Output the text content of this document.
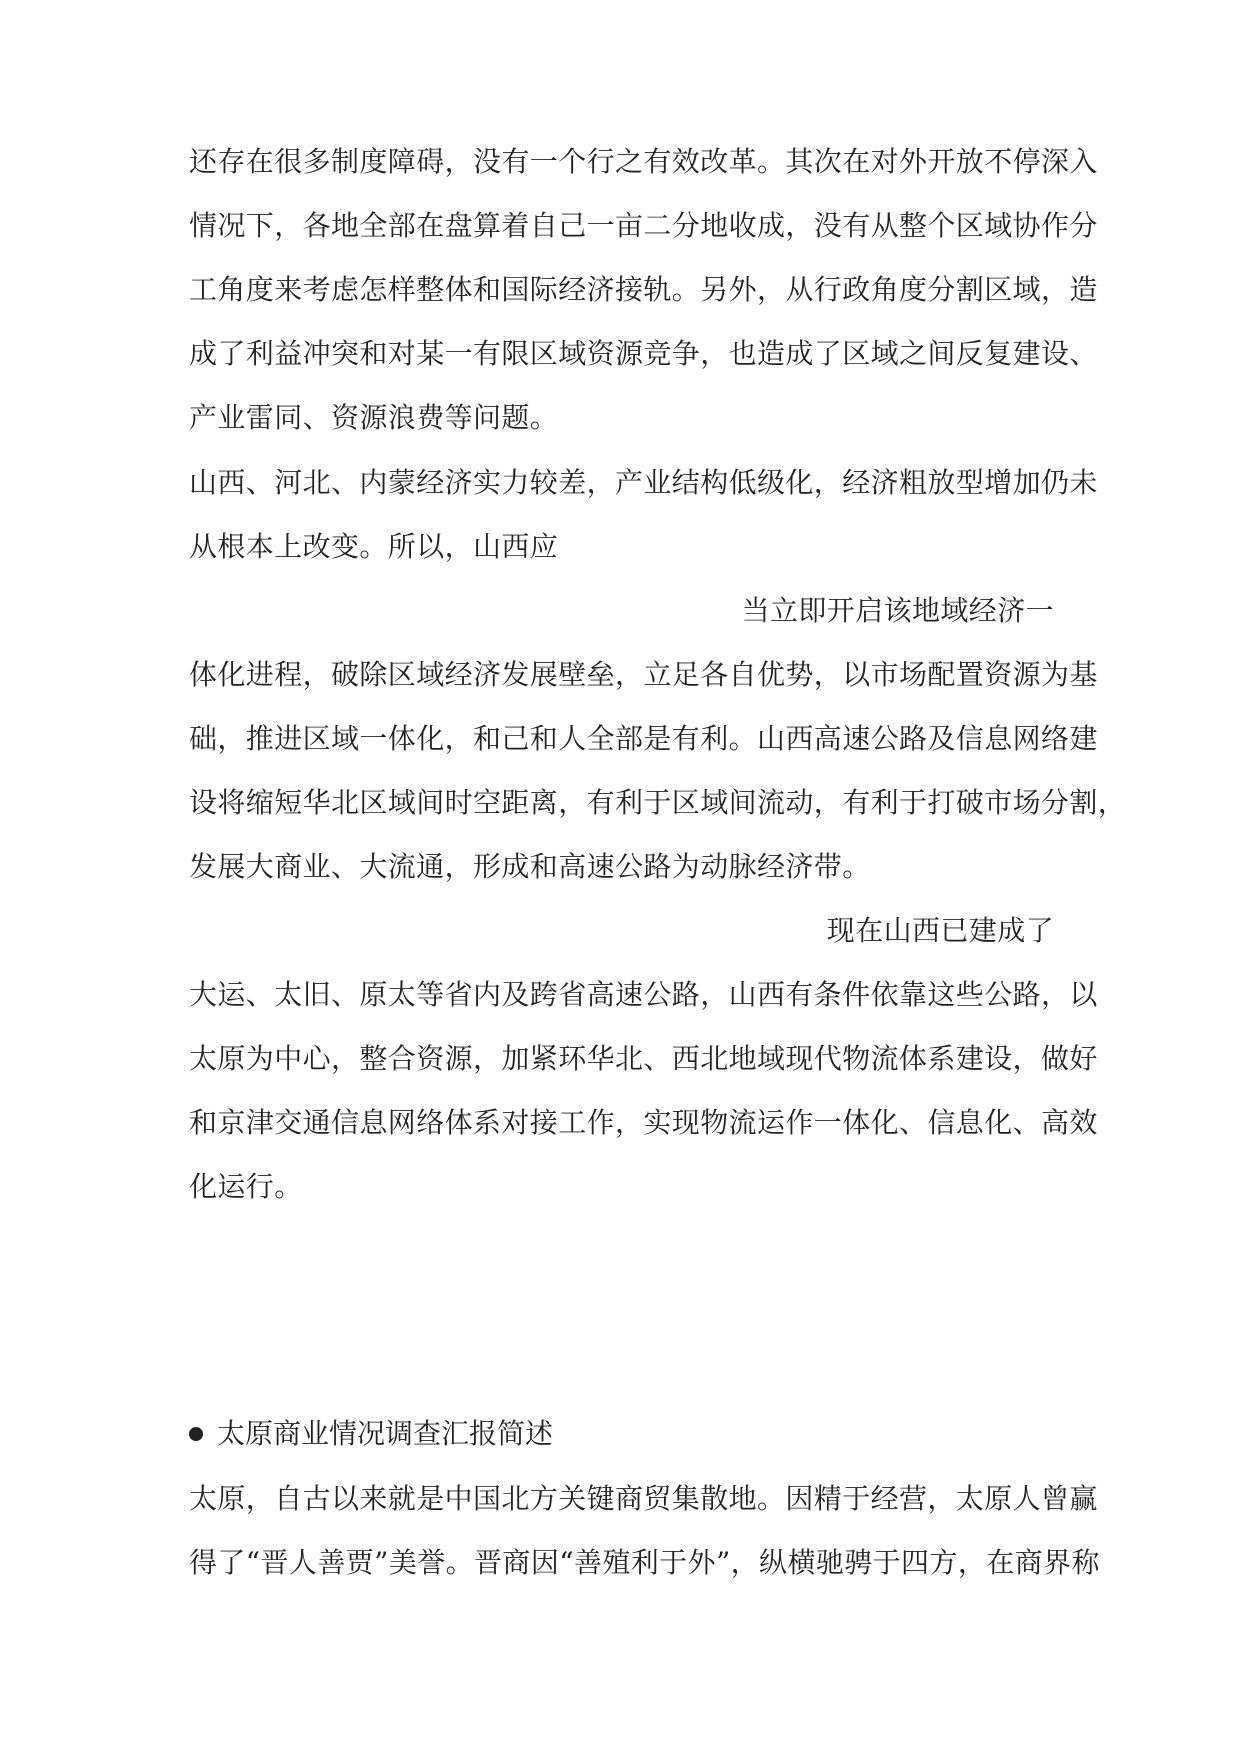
还存在很多制度障碍，没有一个行之有效改革。其次在对外开放不停深入
情况下，各地全部在盘算着自己一亩二分地收成，没有从整个区域协作分
工角度来考虑怎样整体和国际经济接轨。另外，从行政角度分割区域，造
成了利益冲突和对某一有限区域资源竞争，也造成了区域之间反复建设、
产业雷同、资源浪费等问题。
山西、河北、内蒙经济实力较差，产业结构低级化，经济粗放型增加仍未
从根本上改变。所以，山西应
当立即开启该地域经济一
体化进程，破除区域经济发展壁垒，立足各自优势，以市场配置资源为基
础，推进区域一体化，和己和人全部是有利。山西高速公路及信息网络建
设将缩短华北区域间时空距离，有利于区域间流动，有利于打破市场分割，
发展大商业、大流通，形成和高速公路为动脉经济带。
现在山西已建成了
大运、太旧、原太等省内及跨省高速公路，山西有条件依靠这些公路，以
太原为中心，整合资源，加紧环华北、西北地域现代物流体系建设，做好
和京津交通信息网络体系对接工作，实现物流运作一体化、信息化、高效
化运行。
太原商业情况调查汇报简述
太原，自古以来就是中国北方关键商贸集散地。因精于经营，太原人曾赢
得了“晋人善贾”美誉。晋商因“善殖利于外”，纵横驰骋于四方，在商界称
